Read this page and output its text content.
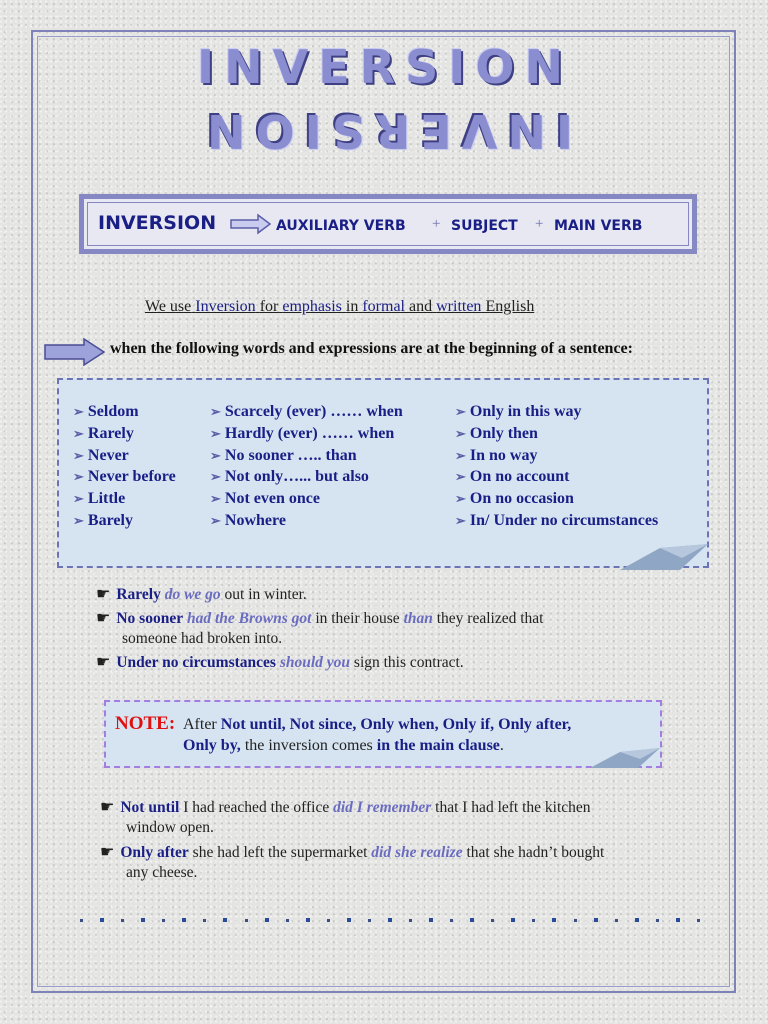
INVERSION
INVERSION
INVERSION	AUXILIARY VERB + SUBJECT + MAIN VERB
We use Inversion for emphasis in formal and written English
when the following words and expressions are at the beginning of a sentence:
➢ Seldom
➢ Rarely
➢ Never
➢ Never before
➢ Little
➢ Barely
➢ Scarcely (ever) …… when
➢ Hardly (ever) …… when
➢ No sooner ….. than
➢ Not only…... but also
➢ Not even once
➢ Nowhere
➢ Only in this way
➢ Only then
➢ In no way
➢ On no account
➢ On no occasion
➢ In/ Under no circumstances
☛ Rarely do we go out in winter.
☛ No sooner had the Browns got in their house than they realized that
someone had broken into.
☛ Under no circumstances should you sign this contract.
NOTE: After Not until, Not since, Only when, Only if, Only after,
Only by, the inversion comes in the main clause.
☛ Not until I had reached the office did I remember that I had left the kitchen
window open.
☛ Only after she had left the supermarket did she realize that she hadn’t bought
any cheese.
